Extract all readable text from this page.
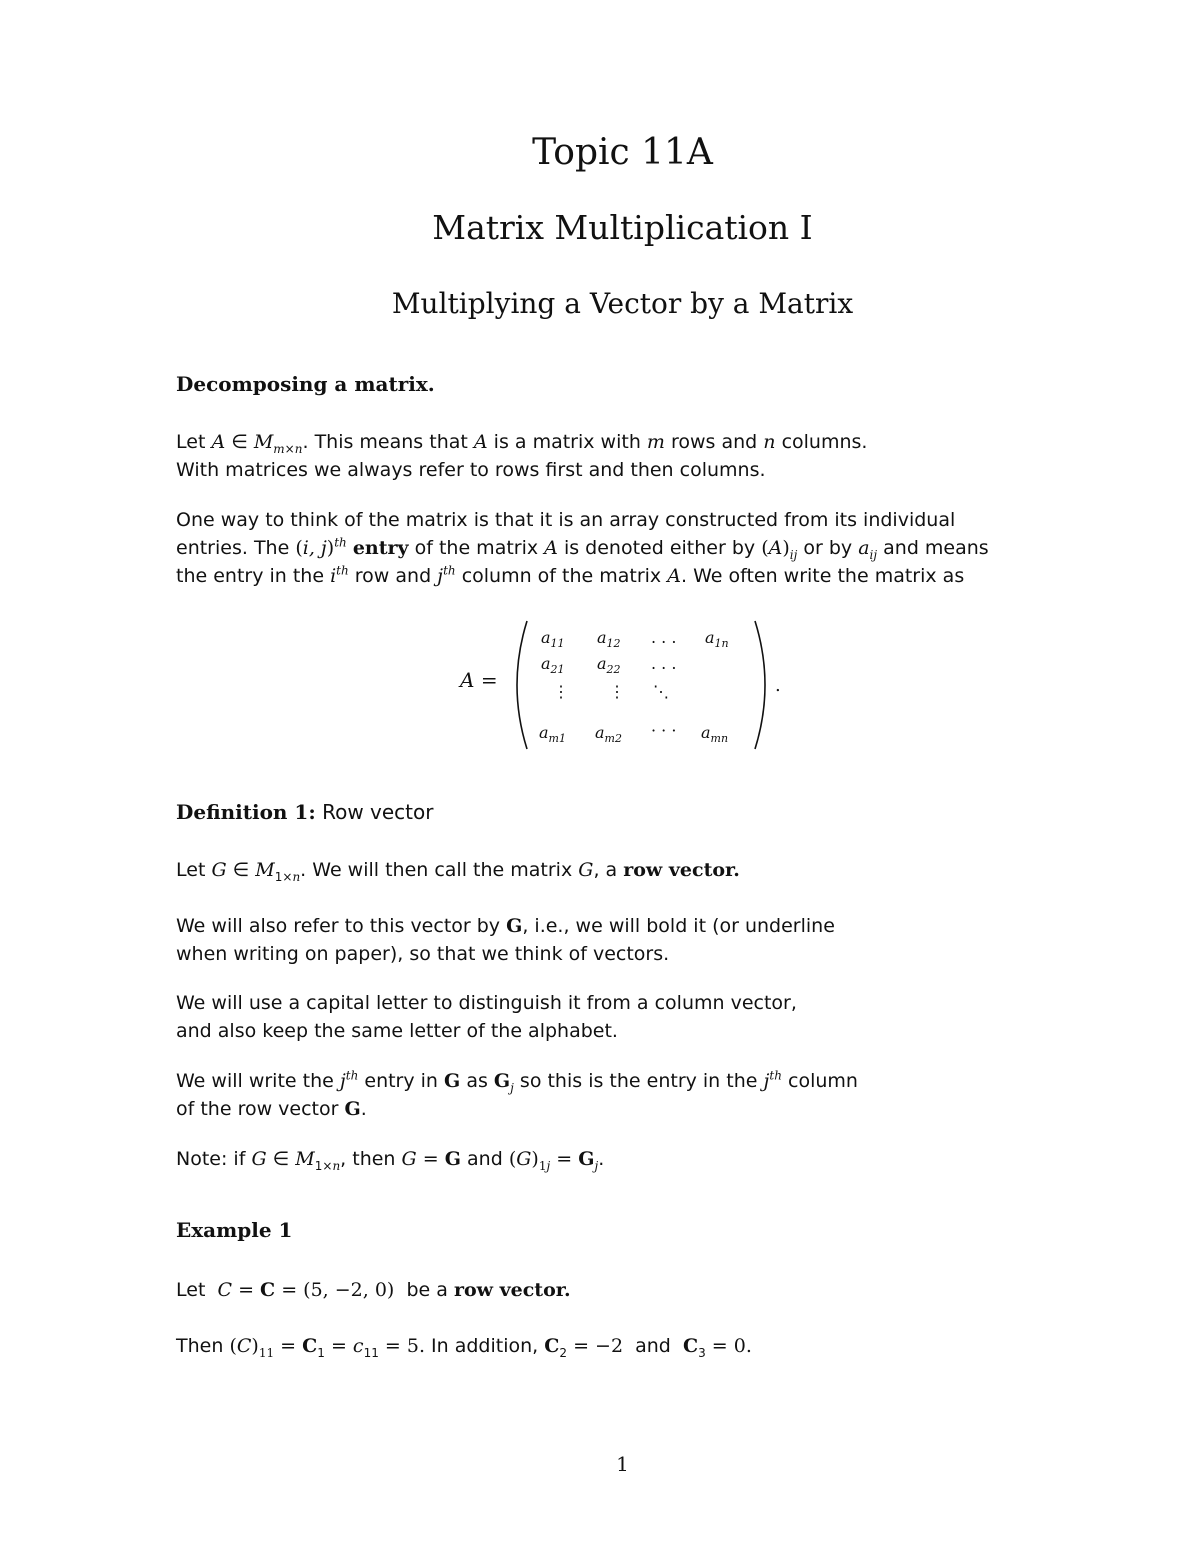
Topic 11A
Matrix Multiplication I
Multiplying a Vector by a Matrix
Decomposing a matrix.
Let A ∈ $M_{m\times n}$. This means that A is a matrix with m rows and n columns.
With matrices we always refer to rows first and then columns.
One way to think of the matrix is that it is an array constructed from its individual
entries. The (i, j)$^{th}$ entry of the matrix A is denoted either by $(A)_{ij}$ or by $a_{ij}$ and means
the entry in the $i^{th}$ row and $j^{th}$ column of the matrix A. We often write the matrix as
A =
$a_{11}$ $a_{12}$ . . . $a_{1n}$
$a_{21}$ $a_{22}$ . . .
⋮	⋮ ⋱
$a_{m1}$ $a_{m2}$ · · · $a_{mn}$
.
Definition 1: Row vector
Let G ∈ $M_{1\times n}$. We will then call the matrix G, a row vector.
We will also refer to this vector by G, i.e., we will bold it (or underline
when writing on paper), so that we think of vectors.
We will use a capital letter to distinguish it from a column vector,
and also keep the same letter of the alphabet.
We will write the $j^{th}$ entry in G as $G_j$ so this is the entry in the $j^{th}$ column
of the row vector G.
Note: if G ∈ $M_{1\times n}$, then G = G and $(G)_{1j} = G_j$.
Example 1
Let C = C = (5, −2, 0) be a row vector.
Then $(C)_{11} = C_1 = c_{11} = 5$. In addition, $C_2 = -2$ and $C_3 = 0$.
1
